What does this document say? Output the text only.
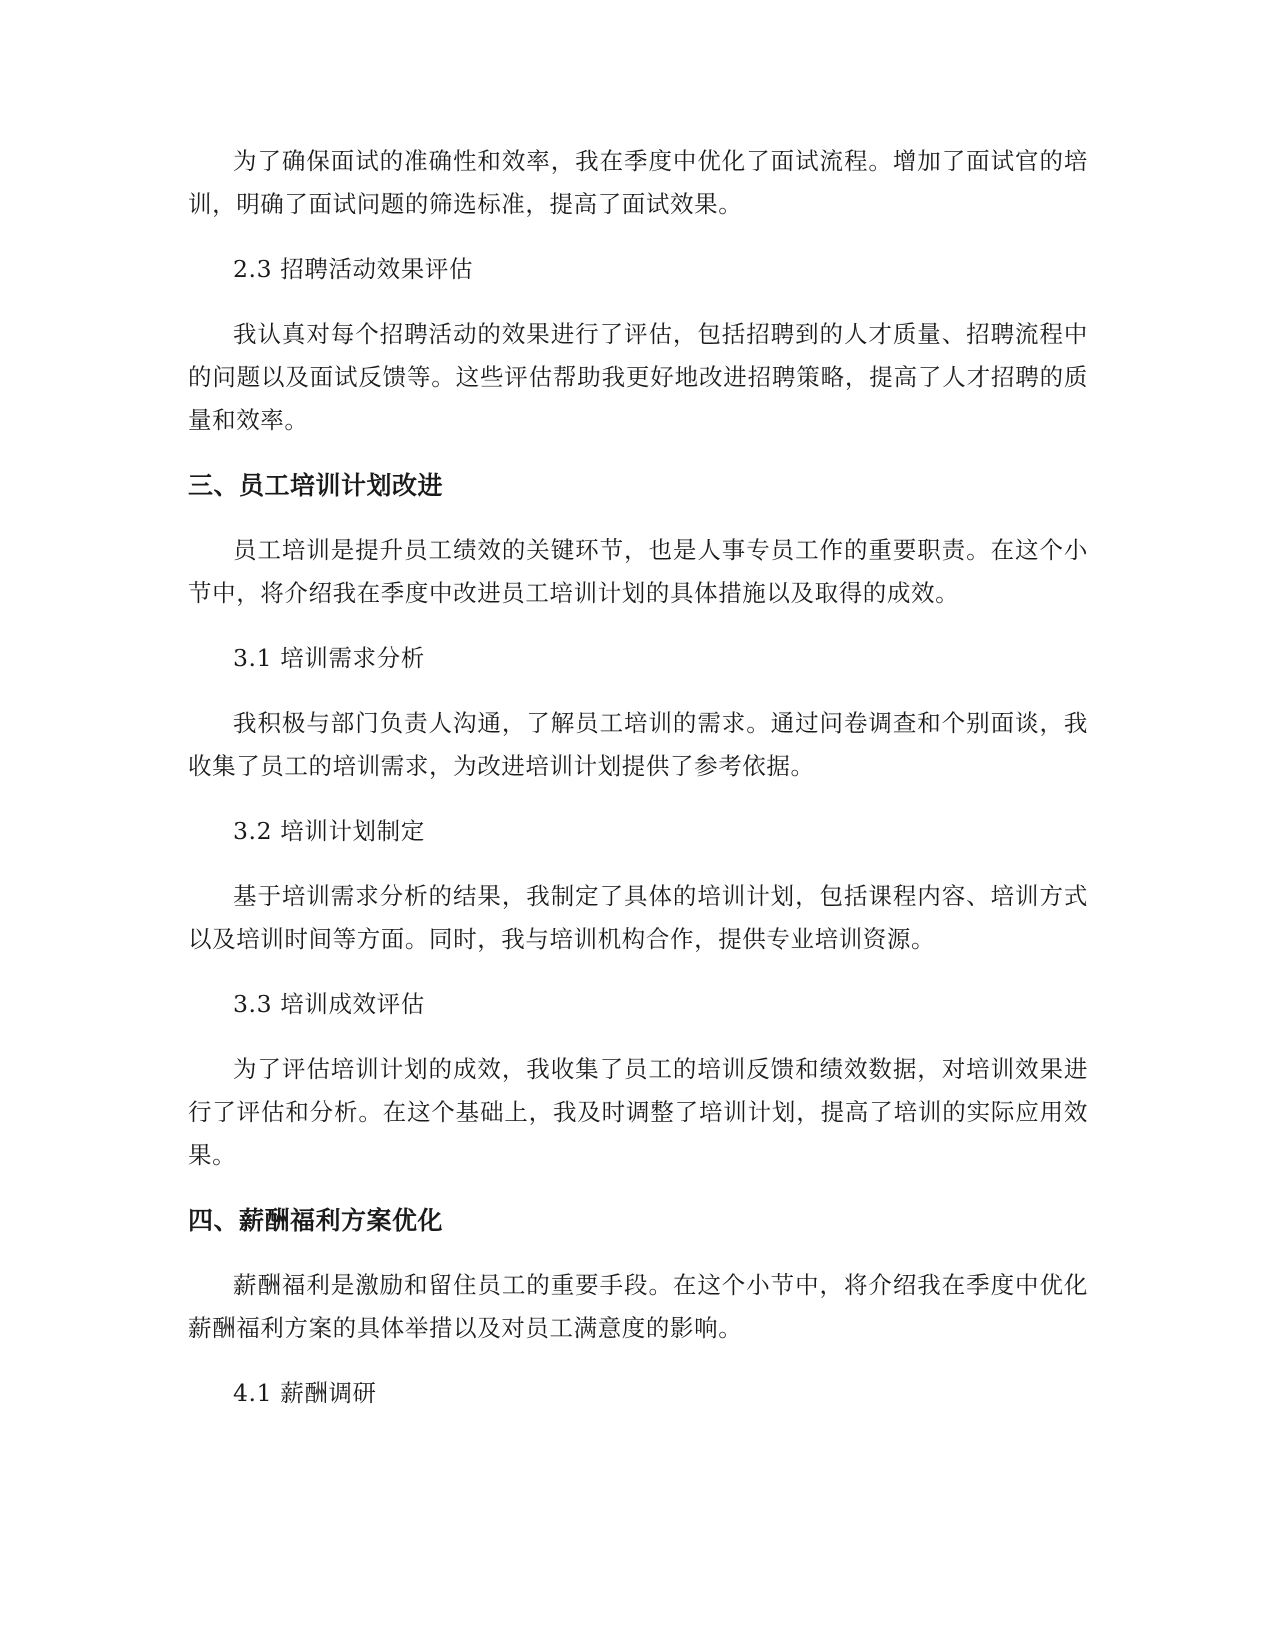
为了确保面试的准确性和效率，我在季度中优化了面试流程。增加了面试官的培训，明确了面试问题的筛选标准，提高了面试效果。

2.3 招聘活动效果评估

我认真对每个招聘活动的效果进行了评估，包括招聘到的人才质量、招聘流程中的问题以及面试反馈等。这些评估帮助我更好地改进招聘策略，提高了人才招聘的质量和效率。

三、员工培训计划改进

员工培训是提升员工绩效的关键环节，也是人事专员工作的重要职责。在这个小节中，将介绍我在季度中改进员工培训计划的具体措施以及取得的成效。

3.1 培训需求分析

我积极与部门负责人沟通，了解员工培训的需求。通过问卷调查和个别面谈，我收集了员工的培训需求，为改进培训计划提供了参考依据。

3.2 培训计划制定

基于培训需求分析的结果，我制定了具体的培训计划，包括课程内容、培训方式以及培训时间等方面。同时，我与培训机构合作，提供专业培训资源。

3.3 培训成效评估

为了评估培训计划的成效，我收集了员工的培训反馈和绩效数据，对培训效果进行了评估和分析。在这个基础上，我及时调整了培训计划，提高了培训的实际应用效果。

四、薪酬福利方案优化

薪酬福利是激励和留住员工的重要手段。在这个小节中，将介绍我在季度中优化薪酬福利方案的具体举措以及对员工满意度的影响。

4.1 薪酬调研
